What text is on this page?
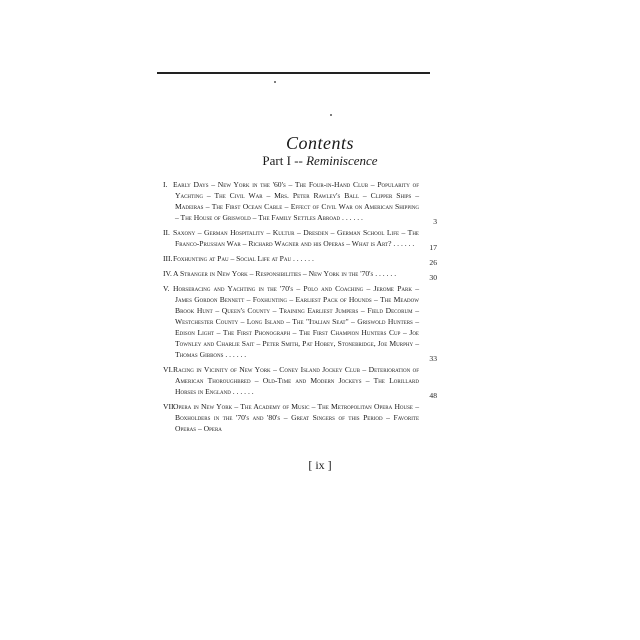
Contents
Part I -- Reminiscence
I. Early Days – New York in the '60's – The Four-in-Hand Club – Popularity of Yachting – The Civil War – Mrs. Peter Rawley's Ball – Clipper Ships – Madeiras – The First Ocean Cable – Effect of Civil War on American Shipping – The House of Griswold – The Family Settles Abroad . . . . . .	3
II. Saxony – German Hospitality – Kultur – Dresden – German School Life – The Franco-Prussian War – Richard Wagner and his Operas – What is Art? . . . . . .	17
III.Foxhunting at Pau – Social Life at Pau . . . . . .	26
IV.A Stranger in New York – Responsibilities – New York in the '70's . . . . . .	30
V. Horseracing and Yachting in the '70's – Polo and Coaching – Jerome Park – James Gordon Bennett – Foxhunting – Earliest Pack of Hounds – The Meadow Brook Hunt – Queen's County – Training Earliest Jumpers – Field Decorum – Westchester County – Long Island – The "Italian Seat" – Griswold Hunters – Edison Light – The First Phonograph – The First Champion Hunters Cup – Joe Townley and Charlie Sait – Peter Smith, Pat Hobey, Stonebridge, Joe Murphy – Thomas Gibbons . . . . . .	33
VI.Racing in Vicinity of New York – Coney Island Jockey Club – Deterioration of American Thoroughbred – Old-Time and Modern Jockeys – The Lorillard Horses in England . . . . . .	48
VII.Opera in New York – The Academy of Music – The Metropolitan Opera House – Boxholders in the '70's and '80's – Great Singers of this Period – Favorite Operas – Opera
[ ix ]
